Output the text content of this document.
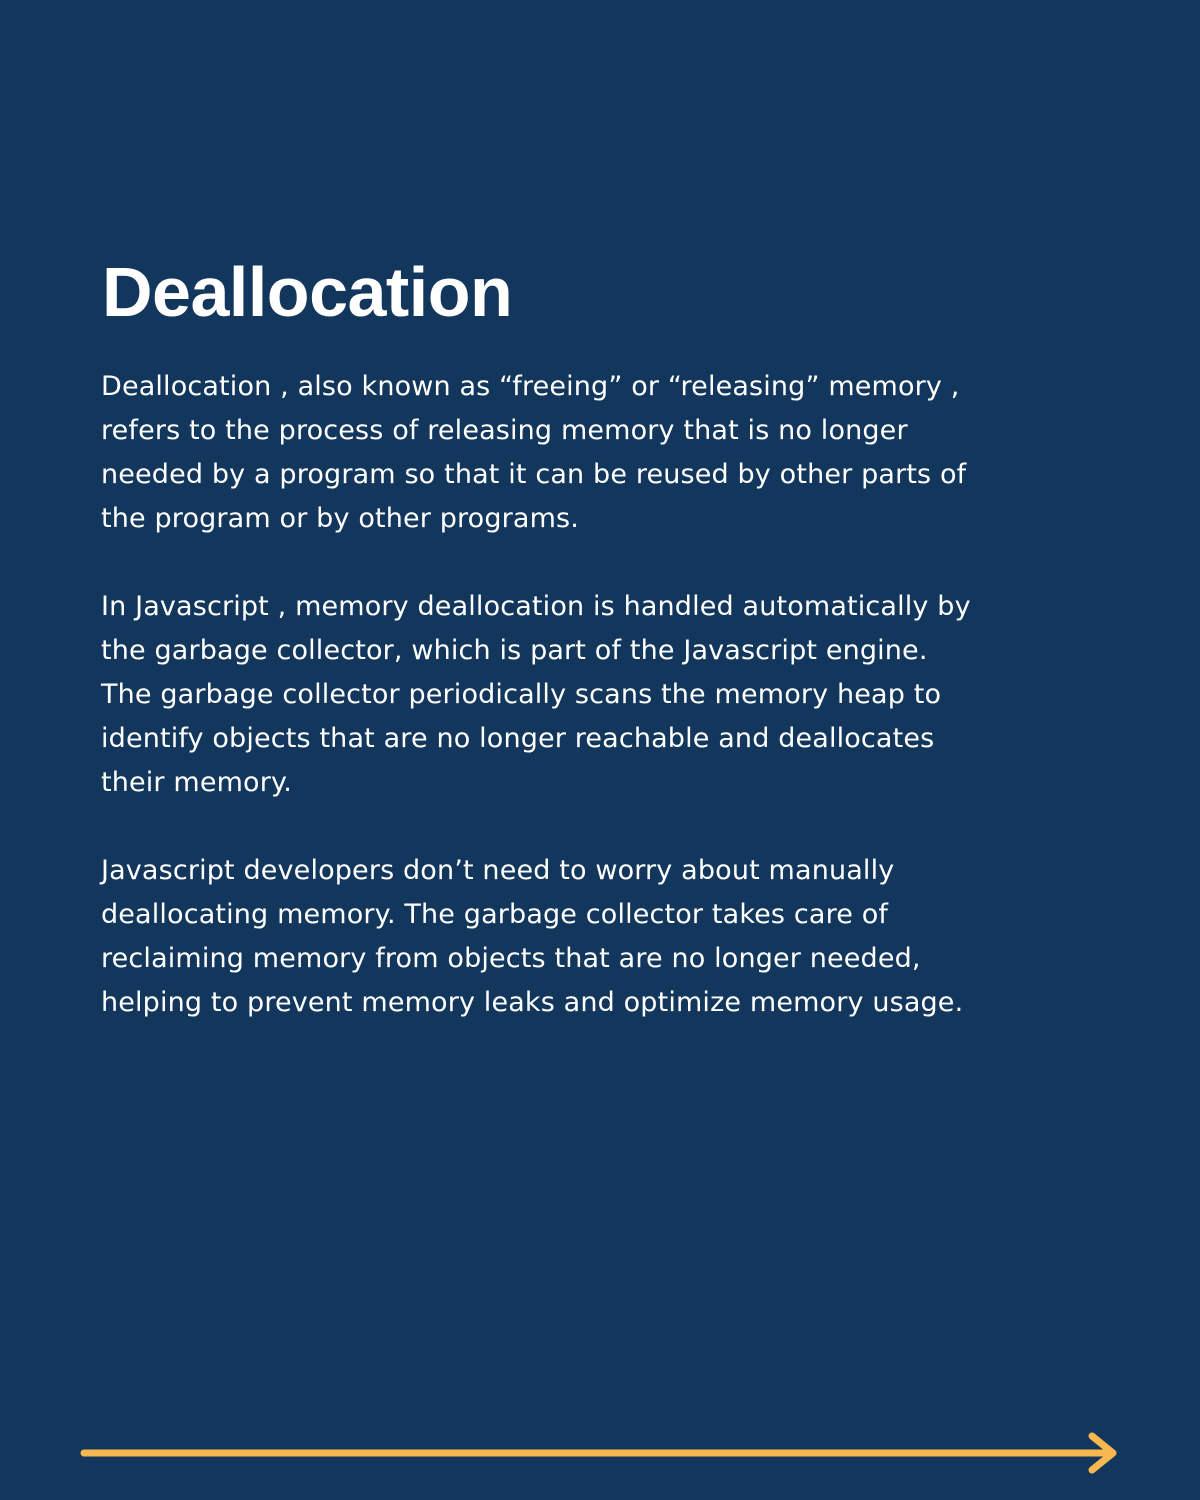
Deallocation

Deallocation , also known as “freeing” or “releasing” memory ,
refers to the process of releasing memory that is no longer
needed by a program so that it can be reused by other parts of
the program or by other programs.

In Javascript , memory deallocation is handled automatically by
the garbage collector, which is part of the Javascript engine.
The garbage collector periodically scans the memory heap to
identify objects that are no longer reachable and deallocates
their memory.

Javascript developers don’t need to worry about manually
deallocating memory. The garbage collector takes care of
reclaiming memory from objects that are no longer needed,
helping to prevent memory leaks and optimize memory usage.
